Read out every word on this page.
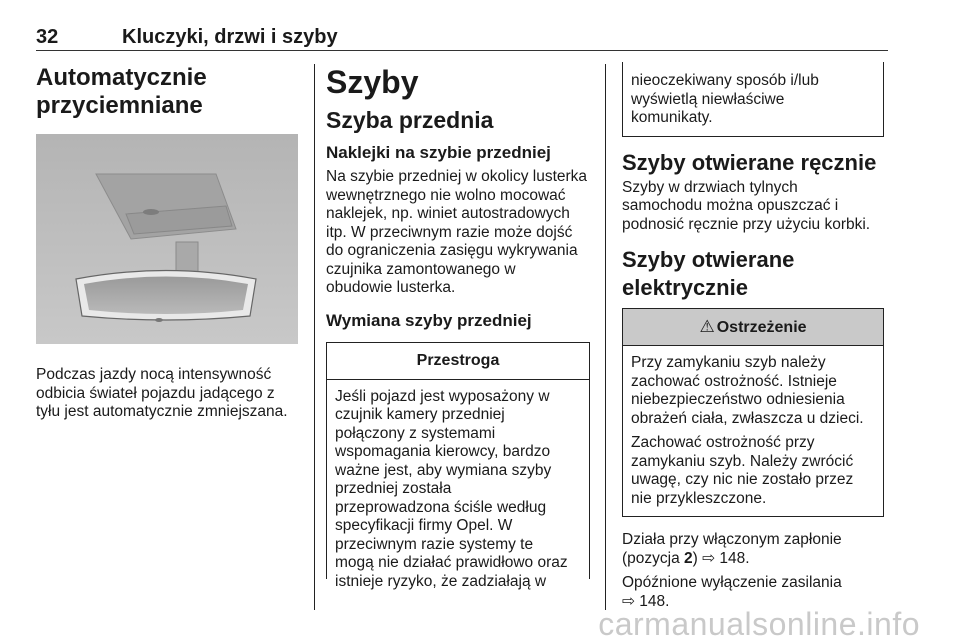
32	Kluczyki, drzwi i szyby
Automatycznie
przyciemniane
Podczas jazdy nocą intensywność
odbicia świateł pojazdu jadącego z
tyłu jest automatycznie zmniejszana.
Szyby
Szyba przednia
Naklejki na szybie przedniej
Na szybie przedniej w okolicy lusterka
wewnętrznego nie wolno mocować
naklejek, np. winiet autostradowych
itp. W przeciwnym razie może dojść
do ograniczenia zasięgu wykrywania
czujnika zamontowanego w
obudowie lusterka.
Wymiana szyby przedniej
Przestroga
Jeśli pojazd jest wyposażony w
czujnik kamery przedniej
połączony z systemami
wspomagania kierowcy, bardzo
ważne jest, aby wymiana szyby
przedniej została
przeprowadzona ściśle według
specyfikacji firmy Opel. W
przeciwnym razie systemy te
mogą nie działać prawidłowo oraz
istnieje ryzyko, że zadziałają w
nieoczekiwany sposób i/lub
wyświetlą niewłaściwe
komunikaty.
Szyby otwierane ręcznie
Szyby w drzwiach tylnych
samochodu można opuszczać i
podnosić ręcznie przy użyciu korbki.
Szyby otwierane
elektrycznie
⚠ Ostrzeżenie
Przy zamykaniu szyb należy
zachować ostrożność. Istnieje
niebezpieczeństwo odniesienia
obrażeń ciała, zwłaszcza u dzieci.
Zachować ostrożność przy
zamykaniu szyb. Należy zwrócić
uwagę, czy nic nie zostało przez
nie przykleszczone.
Działa przy włączonym zapłonie
(pozycja 2) ⇨ 148.
Opóźnione wyłączenie zasilania
⇨ 148.
carmanualsonline.info
